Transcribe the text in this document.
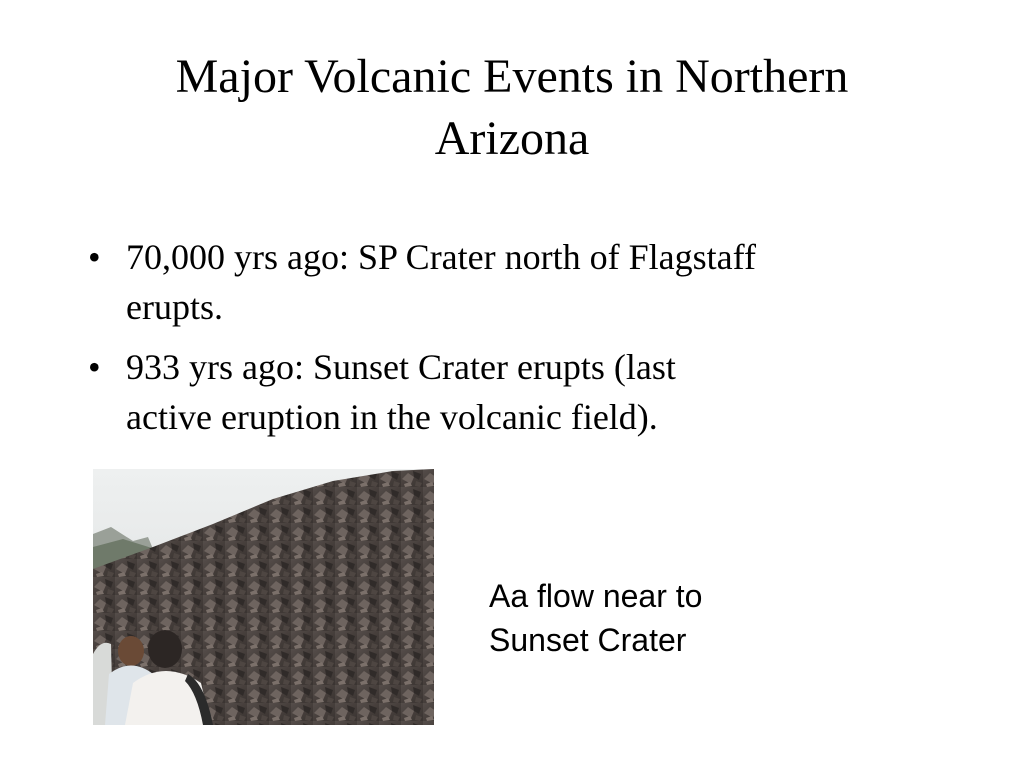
Major Volcanic Events in Northern
Arizona
• 70,000 yrs ago: SP Crater north of Flagstaff
erupts.
• 933 yrs ago: Sunset Crater erupts (last
active eruption in the volcanic field).
Aa flow near to
Sunset Crater
